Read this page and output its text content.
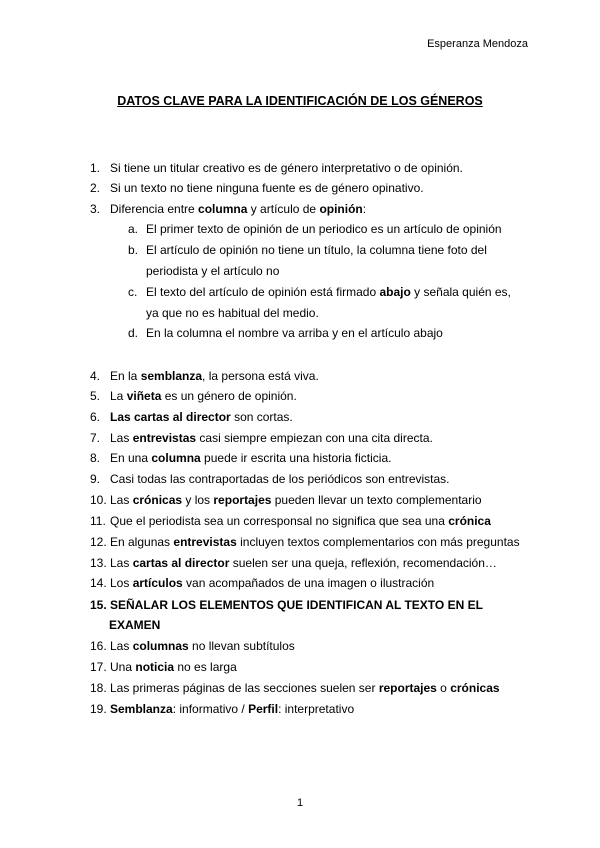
Esperanza Mendoza
DATOS CLAVE PARA LA IDENTIFICACIÓN DE LOS GÉNEROS
1. Si tiene un titular creativo es de género interpretativo o de opinión.
2. Si un texto no tiene ninguna fuente es de género opinativo.
3. Diferencia entre columna y artículo de opinión:
4. En la semblanza, la persona está viva.
5. La viñeta es un género de opinión.
6. Las cartas al director son cortas.
7. Las entrevistas casi siempre empiezan con una cita directa.
8. En una columna puede ir escrita una historia ficticia.
9. Casi todas las contraportadas de los periódicos son entrevistas.
10. Las crónicas y los reportajes pueden llevar un texto complementario
11. Que el periodista sea un corresponsal no significa que sea una crónica
12. En algunas entrevistas incluyen textos complementarios con más preguntas
13. Las cartas al director suelen ser una queja, reflexión, recomendación…
14. Los artículos van acompañados de una imagen o ilustración
15. SEÑALAR LOS ELEMENTOS QUE IDENTIFICAN AL TEXTO EN EL
EXAMEN
16. Las columnas no llevan subtítulos
17. Una noticia no es larga
18. Las primeras páginas de las secciones suelen ser reportajes o crónicas
19. Semblanza: informativo / Perfil: interpretativo
a. El primer texto de opinión de un periodico es un artículo de opinión
b. El artículo de opinión no tiene un título, la columna tiene foto del
periodista y el artículo no
c. El texto del artículo de opinión está firmado abajo y señala quién es,
ya que no es habitual del medio.
d. En la columna el nombre va arriba y en el artículo abajo
1
